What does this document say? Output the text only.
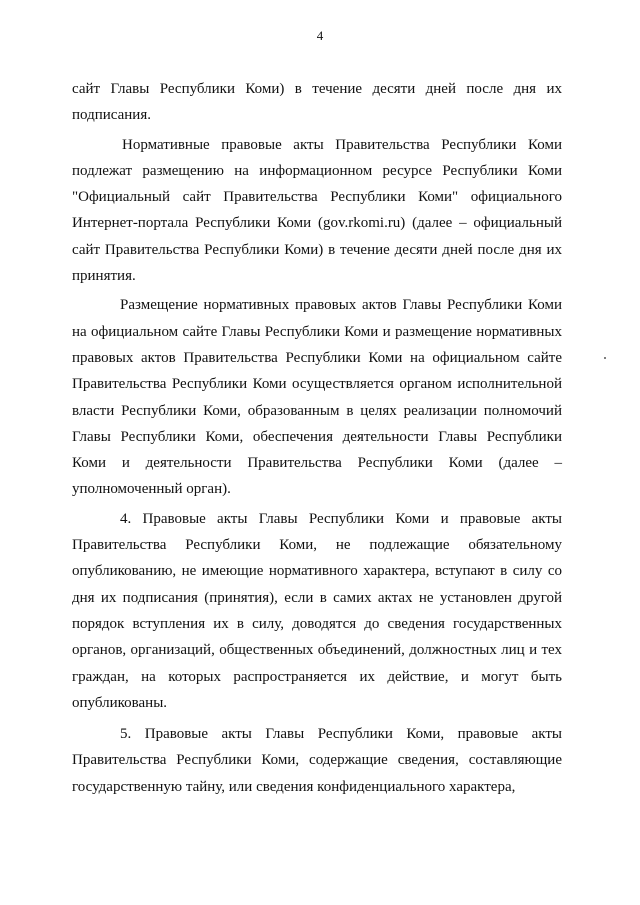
4

сайт Главы Республики Коми) в течение десяти дней после дня их подписания.

Нормативные правовые акты Правительства Республики Коми подлежат размещению на информационном ресурсе Республики Коми "Официальный сайт Правительства Республики Коми" официального Интернет-портала Республики Коми (gov.rkomi.ru) (далее – официальный сайт Правительства Республики Коми) в течение десяти дней после дня их принятия.

Размещение нормативных правовых актов Главы Республики Коми на официальном сайте Главы Республики Коми и размещение нормативных правовых актов Правительства Республики Коми на официальном сайте Правительства Республики Коми осуществляется органом исполнительной власти Республики Коми, образованным в целях реализации полномочий Главы Республики Коми, обеспечения деятельности Главы Республики Коми и деятельности Правительства Республики Коми (далее – уполномоченный орган).

4. Правовые акты Главы Республики Коми и правовые акты Правительства Республики Коми, не подлежащие обязательному опубликованию, не имеющие нормативного характера, вступают в силу со дня их подписания (принятия), если в самих актах не установлен другой порядок вступления их в силу, доводятся до сведения государственных органов, организаций, общественных объединений, должностных лиц и тех граждан, на которых распространяется их действие, и могут быть опубликованы.

5. Правовые акты Главы Республики Коми, правовые акты Правительства Республики Коми, содержащие сведения, составляющие государственную тайну, или сведения конфиденциального характера,
